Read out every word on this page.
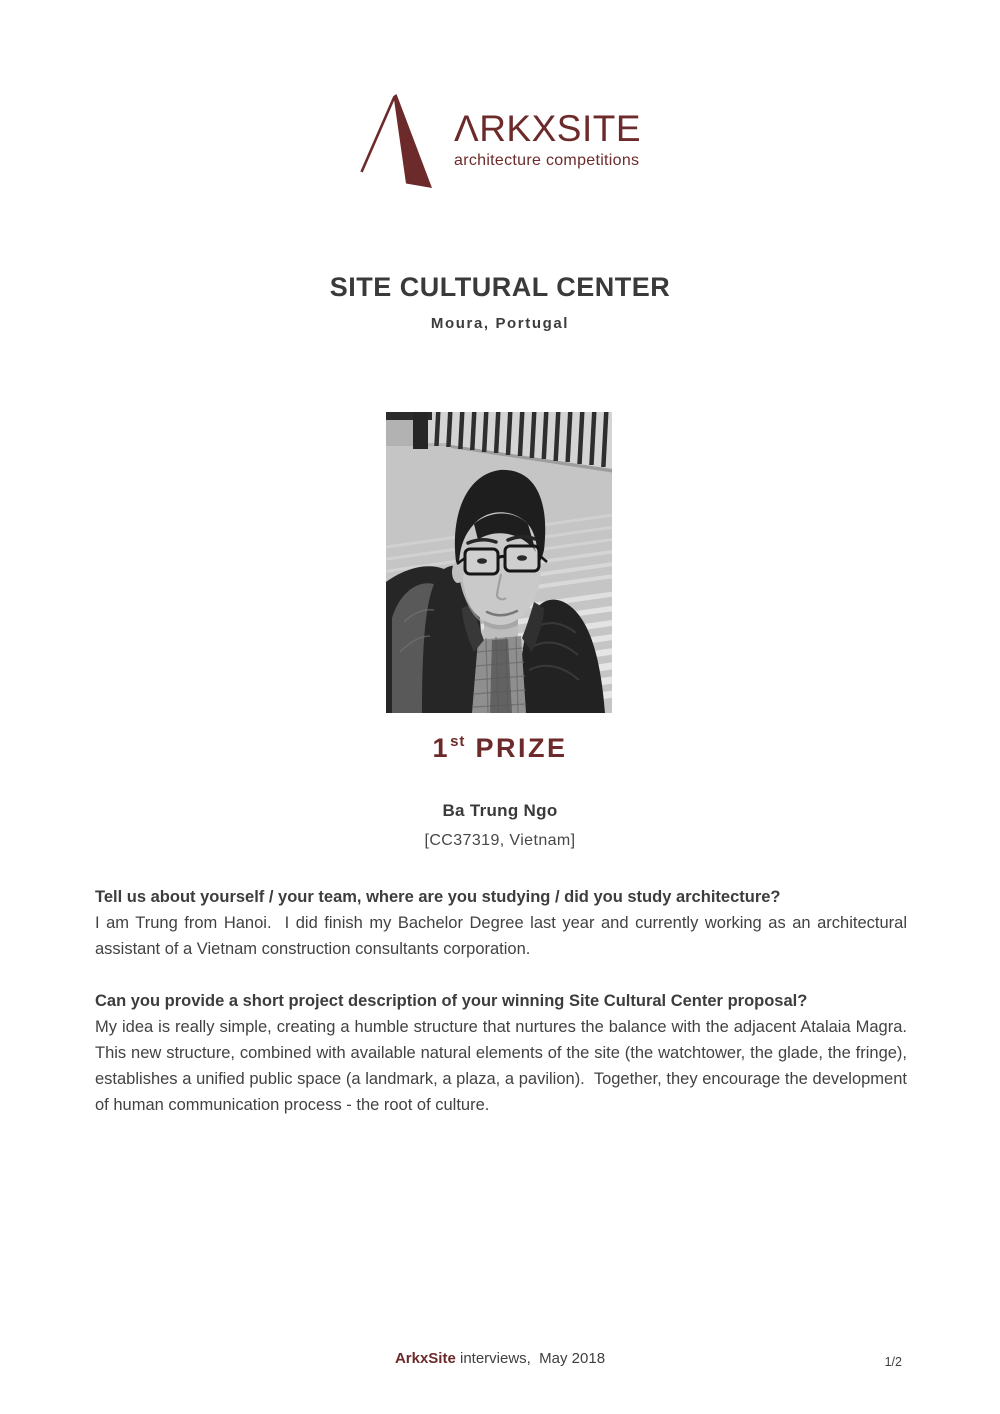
ΛRKXSITE
architecture competitions
SITE CULTURAL CENTER
Moura, Portugal
1st PRIZE
Ba Trung Ngo
[CC37319, Vietnam]
Tell us about yourself / your team, where are you studying / did you study architecture?
I am Trung from Hanoi.  I did finish my Bachelor Degree last year and currently working as an architectural assistant of a Vietnam construction consultants corporation.
Can you provide a short project description of your winning Site Cultural Center proposal?
My idea is really simple, creating a humble structure that nurtures the balance with the adjacent Atalaia Magra.  This new structure, combined with available natural elements of the site (the watchtower, the glade, the fringe), establishes a unified public space (a landmark, a plaza, a pavilion).  Together, they encourage the development of human communication process - the root of culture.
ArkxSite interviews,  May 2018	1/2
